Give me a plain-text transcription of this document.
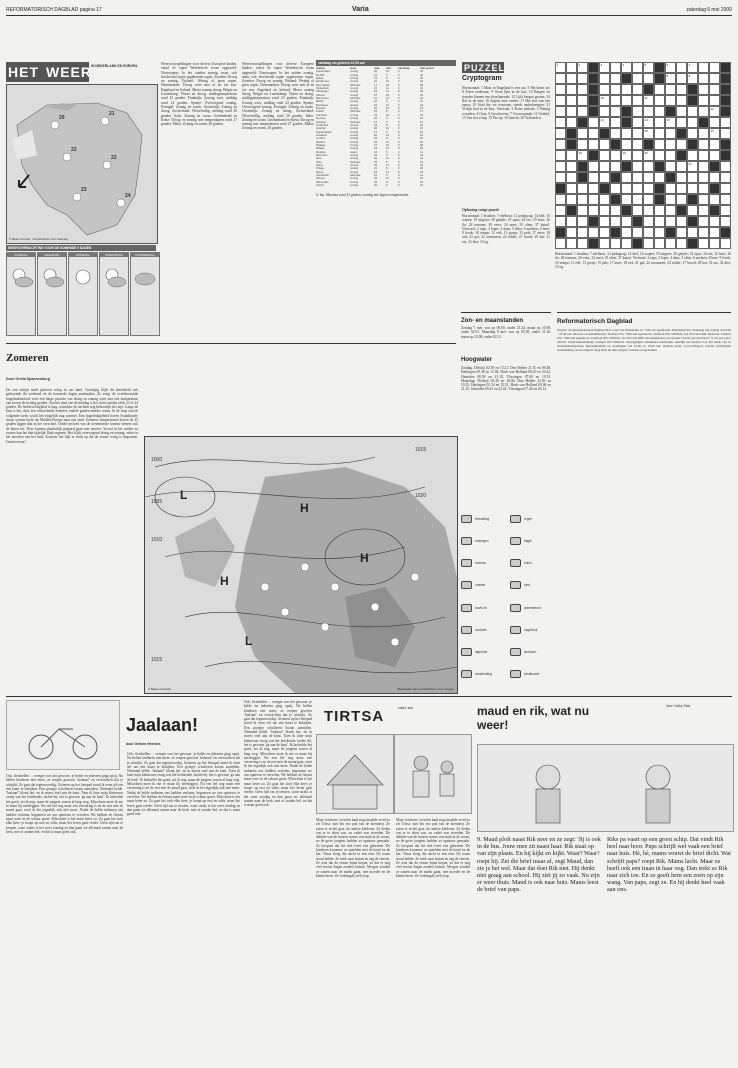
REFORMATORISCH DAGBLAD pagina 17	Varia	zaterdag 6 mei 2000
HET WEER IN NEDERLAND EN EUROPA
20
21
22
22
23
24
© Meteo Consult · Vooruitzichten voor zaterdag
WEERSVERWACHTING VOOR DE KOMENDE 5 DAGEN
ZONDAG	MAANDAG	DINSDAG	WOENSDAG	DONDERDAG
Weersvoorspellingen voor diverse Europese landen, vanaf de eigen Weerbericht ervan opgesteld: Noorwegen: In het zuiden zonnig, maar ook beschermd tegen opgekomen regen. Zweden: Droog en zonnig. Finland: Weinig of geen regen. Denemarken: Droog weer met af en toe zon. Engeland en Ierland: Meest zonnig droog. Belgie en Luxemburg: Warm en droog, middagtemperatuur rond 23 graden. Frankrijk: Zonnig weer, middag rond 24 graden. Spanje: Overwegend zonnig. Portugal: Zonnig en warm. Oostenrijk: Zonnig en droog. Zwitserland: Wisselvallig, middag rond 20 graden. Italie: Zonnig en warm. Griekenland en Kreta: Droog en zonnig met temperaturen rond 27 graden. Malta: Zonnig en warm, 26 graden.
Weersvoorspellingen voor diverse Europese landen, vanaf de eigen Weerbericht ervan opgesteld: Noorwegen: In het zuiden zonnig, maar ook beschermd tegen opgekomen regen. Zweden: Droog en zonnig. Finland: Weinig of geen regen. Denemarken: Droog weer met af en toe zon. Engeland en Ierland: Meest zonnig droog. Belgie en Luxemburg: Warm en droog, middagtemperatuur rond 23 graden. Frankrijk: Zonnig weer, middag rond 24 graden. Spanje: Overwegend zonnig. Portugal: Zonnig en warm. Oostenrijk: Zonnig en droog. Zwitserland: Wisselvallig, middag rond 20 graden. Italie: Zonnig en warm. Griekenland en Kreta: Droog en zonnig met temperaturen rond 27 graden. Malta: Zonnig en warm, 26 graden.
vandaag om gisteren 13.00 uur
station	weer	max	min	neerslag	max gister
Amsterdam	zonnig	20	10	0	21
De Bilt	zonnig	21	9	0	22
Eelde	zonnig	19	8	0	20
Eindhoven	zonnig	22	10	0	23
Den Helder	half bew	17	10	0	18
Rotterdam	zonnig	21	11	0	21
Vlissingen	zonnig	19	11	0	20
Athene	zonnig	27	16	0	26
Barcelona	half bew	21	14	0	22
Berlijn	zonnig	22	9	0	21
Bordeaux	onbew	24	12	0	23
Brussel	zonnig	22	10	0	22
Dublin	half bew	16	8	0	17
Frankfurt	zonnig	24	10	0	23
Genève	zonnig	22	9	0	21
Helsinki	half bew	14	4	0	13
Innsbruck	zonnig	23	8	0	22
Istanbul	zonnig	20	12	0	19
Kopenhagen	zonnig	17	8	0	16
Lissabon	zonnig	25	14	0	24
Londen	zonnig	19	9	0	20
Madrid	zonnig	26	11	0	25
Malaga	zonnig	27	15	0	26
Milaan	zonnig	24	12	0	23
Moskou	regen	12	5	2	11
München	zonnig	23	9	0	22
Nice	zonnig	22	14	0	21
Oslo	half bew	15	6	0	14
Parijs	zonnig	23	11	0	24
Praag	zonnig	21	8	0	20
Rome	zonnig	24	13	0	23
Stockholm	half bew	15	5	0	14
Wenen	zonnig	23	11	0	22
Warschau	zonnig	20	8	0	19
Zürich	zonnig	22	9	0	21
Ic bui. Maxima rond 23 graden, zondag iets lagere temperaturen.
PUZZEL
Cryptogram
Horizontaal: 1 Maar in Engeland is een ras; 5 Het komt uit; 8 Eisen onderaan; 9 Geen lijm in de kas; 10 Ranges en standen binnen een doorlopende; 12 Lijkt bergen gezien; 14 Rol in de tuin; 16 Ergens mee verder; 17 Het slot van een opera; 19 Stad die we trouwens steeds onderbrengen; 21 Vrolijk lied in de klas. Verticaal: 2 Rotse pleister; 3 Weinig woorden; 4 Oost; 6 Geschreven; 7 Vrouwspraak; 11 Geduld; 13 Van een schip; 15 Pas op; 18 Inzicht; 20 Verbonden.
Oplossing vorige puzzel:
Horizontaal: 1 bruiden; 7 edelhout; 12 pedagoog; 14 kiel; 16 wapen; 19 uitgave; 20 getijde; 23 opus; 24 ree; 25 hooi; 26 ilo; 28 tenoren; 30 veter; 34 mest; 35 alten; 37 katrol. Verticaal: 2 rups; 3 Ieper; 4 dans; 5 ebbe; 6 nachten; 8 heer; 9 loods; 10 tempo; 11 eelt; 13 groep; 15 pels; 17 aster; 18 eed; 21 gal; 22 avonturen; 24 ridder; 27 brood; 29 kat; 31 ras; 32 dier; 33 eg.
1	2	3	4	5	6	7
8	9
10	11
12
13	14	15
16	17
18	19	20
21
Horizontaal: 1 bruiden; 7 edelhout; 12 pedagoog; 14 kiel; 16 wapen; 19 uitgave; 20 getijde; 23 opus; 24 ree; 25 hooi; 26 ilo; 28 tenoren; 30 veter; 34 mest; 35 alten; 37 katrol. Verticaal: 2 rups; 3 Ieper; 4 dans; 5 ebbe; 6 nachten; 8 heer; 9 loods; 10 tempo; 11 eelt; 13 groep; 15 pels; 17 aster; 18 eed; 21 gal; 22 avonturen; 24 ridder; 27 brood; 29 kat; 31 ras; 32 dier; 33 eg.
Zomeren
Door Grieta Spannenburg
De zon schijnt sinds gisteren volop in ons land. Voorlopig blijft dit lentebeeld ook gedurende dit weekend en de komende dagen aanhouden. Zo zorgt de overheersende hogedrukinvloed voor een lange periode van droog en zonnig weer met een temperatuur van boven de twintig graden. Aan het eind van de middag is het in het zuiden zelfs 23 of 24 graden. De luchtvochtigheid is laag, waardoor de nachten nog behoorlijk fris zijn. Langs de kust is het, door een verkoelende zeebries, enkele graden minder warm. In de loop van de volgende week wordt het mogelijk nog warmer. Een hogedrukgebied boven Scandinavie stuurt warme lucht uit Midden-Europa naar ons land. Zomerse temperaturen boven de 25 graden liggen dan in het verschiet. Onder invloed van de toenemende warmte nemen ook de buien toe. Deze kunnen plaatselijk gepaard gaan met onweer. Vooral in het zuiden en oosten kan het dan tijdelijk flink regenen. Het blijft overwegend droog en zonnig, zeker in het noorden van het land. Kortom: het lijkt er sterk op dat de zomer vroeg is begonnen. Geniet ervan!
L
H
H
H
L
1000
1005
1010
1015
1020
1015
© Meteo Consult	Weerkaart met vooruitzichten voor morgen
bewolking	regen
motregen	hagel
sneeuw	buien
onweer	mist
koufront	warmtefront
occlusie	hogedruk
lagedruk	isobaren
windrichting	windkracht
Zon- en maanstanden
Zondag 7 mei: zon op 06.00, onder 21.24; maan op 10.58, onder 02.01. Maandag 8 mei: zon op 05.58, onder 21.26; maan op 12.08, onder 02.31.
Hoogwater
Zondag: Delfzijl 02.50 en 15.21, Den Helder 21.10 en 09.48, Harlingen 00.48 en 13.04, Hoek van Holland 08.20 en 20.42, IJmuiden 08.58 en 21.18, Vlissingen 07.00 en 19.33. Maandag: Delfzijl 03.40 en 16.06, Den Helder 22.03 en 10.35, Harlingen 01.34 en 13.51, Hoek van Holland 09.06 en 21.25, IJmuiden 09.41 en 22.02, Vlissingen 07.45 en 20.14.
Reformatorisch Dagblad
Uitgave van Reformatorisch Dagblad B.V. Laan van Westenenk 12, 7336 AZ Apeldoorn. Klantenservice: maandag t/m vrijdag van 8.00 - 16.30 uur. Directie en Administratie: Postbus 670, 7300 AR Apeldoorn. Telefoon 055-5390222, fax 055-5417400. Redactie: Postbus 670, 7300 AR Apeldoorn. Telefoon 055-5390222, fax 055-5413288. Abonnementen: per maand f 24,50; per kwartaal f 71,50; per jaar f 269,50. Advertentieafdeling: telefoon 055-5390222. Opzeggingen uitsluitend schriftelijk, uiterlijk een maand voor het einde van de abonnementsperiode. Bezorgklachten op werkdagen van 07.00 tot 10.00 uur. Digitale krant: www.refdag.nl. Zonder schriftelijke toestemming van de uitgever mag niets uit deze uitgave worden overgenomen.
Jaalaan!
door Gerben Heerkes
Och, fietsbellen ... vroeger was het gewoon: je belde en iedereen ging opzij. Nu bellen kinderen niet meer, ze roepen gewoon 'Jaalaan!' en verwachten dat je uitwijkt. Zo gaat dat tegenwoordig. Gisteren op het fietspad stond ik even stil om een kaart te bekijken. Een groepje scholieren kwam aanrijden. Niemand belde. 'Jaalaan!' klonk het, en ik moest snel aan de kant. Toen ik later mijn kleinzoon vroeg wat het betekende, lachte hij: het is gewoon 'ga aan de kant'. Ik bedoelde het goed, zei ik nog, maar de jongens waren al lang weg. Misschien moet ik me er maar bij neerleggen. Nu een bel nog maar een versiering is en de rest met de mond gaat, weet ik het eigenlijk ook niet meer. Nadat de bolde indianen ons hadden verlaten, begonnen we ons opnieuw te vervelen. We hebben de fietsen maar weer in de schuur gezet. Misschien is het maar beter zo. Zo gaat het toch elke keer: je hoopt op rust en stilte, maar het leven gaat verder. Geen tijd om te treuren, want straks is het weer zondag en dan gaan we allemaal samen naar de kerk, met of zonder bel, en dat is maar goed ook.
Och, fietsbellen ... vroeger was het gewoon: je belde en iedereen ging opzij. Nu bellen kinderen niet meer, ze roepen gewoon 'Jaalaan!' en verwachten dat je uitwijkt. Zo gaat dat tegenwoordig. Gisteren op het fietspad stond ik even stil om een kaart te bekijken. Een groepje scholieren kwam aanrijden. Niemand belde. 'Jaalaan!' klonk het, en ik moest snel aan de kant. Toen ik later mijn kleinzoon vroeg wat het betekende, lachte hij: het is gewoon 'ga aan de kant'. Ik bedoelde het goed, zei ik nog, maar de jongens waren al lang weg. Misschien moet ik me er maar bij neerleggen. Nu een bel nog maar een versiering is en de rest met de mond gaat, weet ik het eigenlijk ook niet meer. Nadat de bolde indianen ons hadden verlaten, begonnen we ons opnieuw te vervelen. We hebben de fietsen maar weer in de schuur gezet. Misschien is het maar beter zo. Zo gaat het toch elke keer: je hoopt op rust en stilte, maar het leven gaat verder. Geen tijd om te treuren, want straks is het weer zondag en dan gaan we allemaal samen naar de kerk, met of zonder bel, en dat is maar goed ook.
Och, fietsbellen ... vroeger was het gewoon: je belde en iedereen ging opzij. Nu bellen kinderen niet meer, ze roepen gewoon 'Jaalaan!' en verwachten dat je uitwijkt. Zo gaat dat tegenwoordig. Gisteren op het fietspad stond ik even stil om een kaart te bekijken. Een groepje scholieren kwam aanrijden. Niemand belde. 'Jaalaan!' klonk het, en ik moest snel aan de kant. Toen ik later mijn kleinzoon vroeg wat het betekende, lachte hij: het is gewoon 'ga aan de kant'. Ik bedoelde het goed, zei ik nog, maar de jongens waren al lang weg. Misschien moet ik me er maar bij neerleggen. Nu een bel nog maar een versiering is en de rest met de mond gaat, weet ik het eigenlijk ook niet meer. Nadat de bolde indianen ons hadden verlaten, begonnen we ons opnieuw te vervelen. We hebben de fietsen maar weer in de schuur gezet. Misschien is het maar beter zo. Zo gaat het toch elke keer: je hoopt op rust en stilte, maar het leven gaat verder. Geen tijd om te treuren, want straks is het weer zondag en dan gaan we allemaal samen naar de kerk, met of zonder bel, en dat is maar goed ook.
TIRTSA	claire slot
Maar verdorrie, toen het hard nog uitstalde werd zo zei Tirtsa: met het ene pad van de boerderij. Ze zaten er in het gras, de andere kinderen. Ze deden wat er te doen was, en vader was tevreden. De dakken van de huizen waren verwaaid in de storm, en de grote jongens hadden ze opnieuw gemaakt. Ze hoopten dat het niet weer zou gebeuren. De kinderen kwamen, ze speelden met de hond en de kat. Tirtsa sloeg die nacht in een tent. De maan stond helder. Ze keek naar buiten en zag de sterren. Ze wist dat de zomer bijna begon, en dat er nog veel mooie dagen zouden komen. Morgen zouden ze samen naar de markt gaan, met moeder en de kleine broer. Ze verheugde zich erop.
Maar verdorrie, toen het hard nog uitstalde werd zo zei Tirtsa: met het ene pad van de boerderij. Ze zaten er in het gras, de andere kinderen. Ze deden wat er te doen was, en vader was tevreden. De dakken van de huizen waren verwaaid in de storm, en de grote jongens hadden ze opnieuw gemaakt. Ze hoopten dat het niet weer zou gebeuren. De kinderen kwamen, ze speelden met de hond en de kat. Tirtsa sloeg die nacht in een tent. De maan stond helder. Ze keek naar buiten en zag de sterren. Ze wist dat de zomer bijna begon, en dat er nog veel mooie dagen zouden komen. Morgen zouden ze samen naar de markt gaan, met moeder en de kleine broer. Ze verheugde zich erop.
maud en rik, wat nu weer!
door Cathy Sels
9. Maud ploft naast Rik neer en ze zegt: 'Jij is ook in de bus. Jouw mee zit naast haar. Rik staat op van zijn plaats. En hij kijkt en kijkt. Waar? Waar? roept hij. Zet die brief maar af, zegt Maud, dan zie je het wel. Maar dat doet Rik niet. Hij denkt niet graag aan school. Hij ziet jij zo vaak. Nu zijn er weer thuis. Maud is ook naar huis. Mams leest de brief van paps.
Riks pa vaart op een groot schip. Dat vindt Rik heel naar hoor. Paps schrijft wel vaak een brief naar huis. Hè, hè, mams vouwt de brief dicht. Wat schrijft paps? roept Rik. Mams lacht. Maar ze heeft ook een traan in haar oog. Dan trekt ze Rik naar zich toe. En ze geeft hem een zoen op zijn wang. Van paps, zegt ze. En hij denkt heel vaak aan ons.
